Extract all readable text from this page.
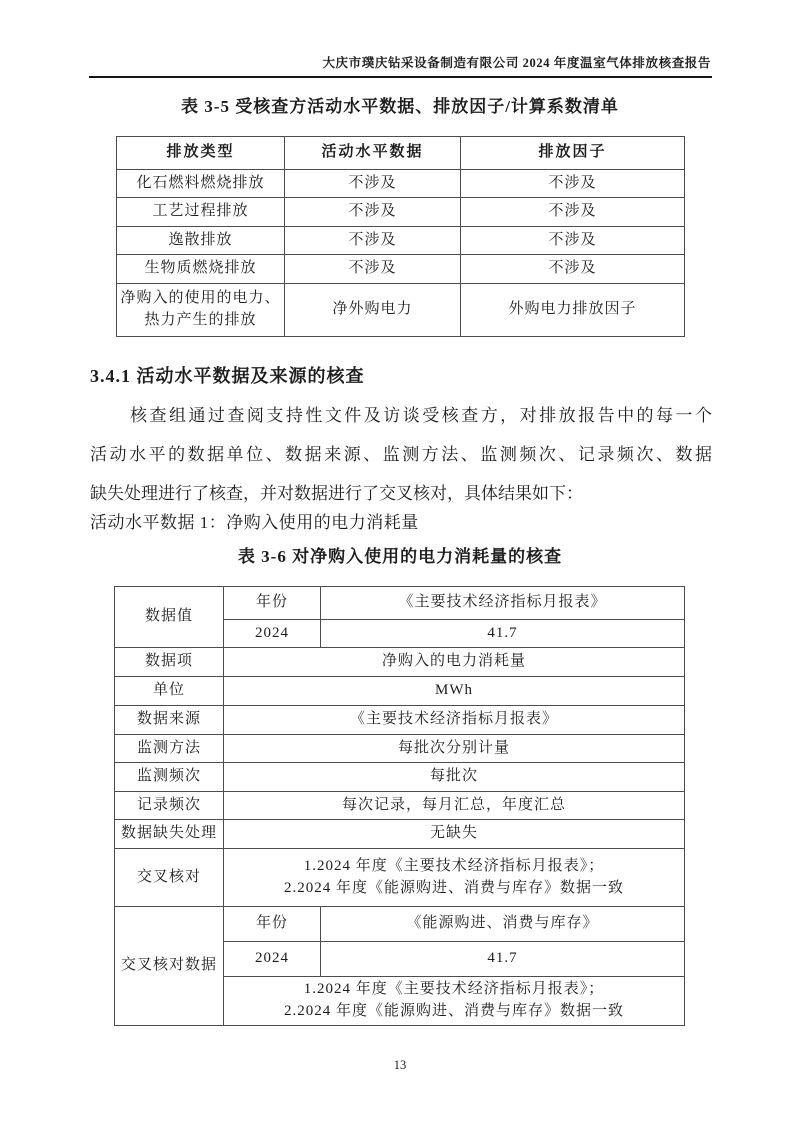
大庆市璞庆钻采设备制造有限公司 2024 年度温室气体排放核查报告
表 3-5 受核查方活动水平数据、排放因子/计算系数清单
排放类型	活动水平数据	排放因子
化石燃料燃烧排放	不涉及	不涉及
工艺过程排放	不涉及	不涉及
逸散排放	不涉及	不涉及
生物质燃烧排放	不涉及	不涉及
净购入的使用的电力、热力产生的排放	净外购电力	外购电力排放因子
3.4.1 活动水平数据及来源的核查
核查组通过查阅支持性文件及访谈受核查方，对排放报告中的每一个
活动水平的数据单位、数据来源、监测方法、监测频次、记录频次、数据
缺失处理进行了核查，并对数据进行了交叉核对，具体结果如下：
活动水平数据 1：净购入使用的电力消耗量
表 3-6 对净购入使用的电力消耗量的核查
数据值	年份	《主要技术经济指标月报表》
	2024	41.7
数据项	净购入的电力消耗量	
单位	MWh	
数据来源	《主要技术经济指标月报表》	
监测方法	每批次分别计量	
监测频次	每批次	
记录频次	每次记录，每月汇总，年度汇总	
数据缺失处理	无缺失	
交叉核对	1.2024 年度《主要技术经济指标月报表》；
2.2024 年度《能源购进、消费与库存》数据一致	

交叉核对数据	年份	《能源购进、消费与库存》
	2024	41.7

	1.2024 年度《主要技术经济指标月报表》；
2.2024 年度《能源购进、消费与库存》数据一致	
13
